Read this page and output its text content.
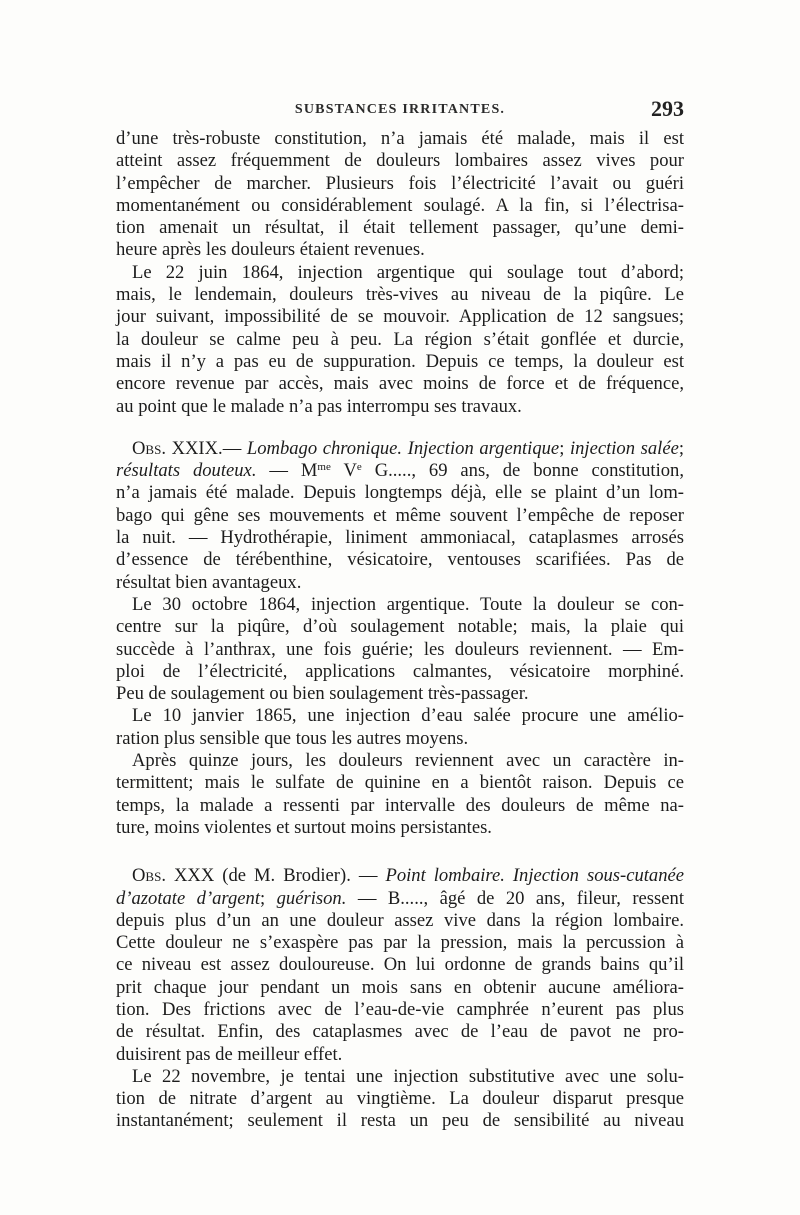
SUBSTANCES IRRITANTES.	293
d’une très-robuste constitution, n’a jamais été malade, mais il est
atteint assez fréquemment de douleurs lombaires assez vives pour
l’empêcher de marcher. Plusieurs fois l’électricité l’avait ou guéri
momentanément ou considérablement soulagé. A la fin, si l’électrisa-
tion amenait un résultat, il était tellement passager, qu’une demi-
heure après les douleurs étaient revenues.
Le 22 juin 1864, injection argentique qui soulage tout d’abord;
mais, le lendemain, douleurs très-vives au niveau de la piqûre. Le
jour suivant, impossibilité de se mouvoir. Application de 12 sangsues;
la douleur se calme peu à peu. La région s’était gonflée et durcie,
mais il n’y a pas eu de suppuration. Depuis ce temps, la douleur est
encore revenue par accès, mais avec moins de force et de fréquence,
au point que le malade n’a pas interrompu ses travaux.
Obs. XXIX.— Lombago chronique. Injection argentique; injection salée;
résultats douteux. — $M^{me}$ Ve G....., 69 ans, de bonne constitution,
n’a jamais été malade. Depuis longtemps déjà, elle se plaint d’un lom-
bago qui gêne ses mouvements et même souvent l’empêche de reposer
la nuit. — Hydrothérapie, liniment ammoniacal, cataplasmes arrosés
d’essence de térébenthine, vésicatoire, ventouses scarifiées. Pas de
résultat bien avantageux.
Le 30 octobre 1864, injection argentique. Toute la douleur se con-
centre sur la piqûre, d’où soulagement notable; mais, la plaie qui
succède à l’anthrax, une fois guérie; les douleurs reviennent. — Em-
ploi de l’électricité, applications calmantes, vésicatoire morphiné.
Peu de soulagement ou bien soulagement très-passager.
Le 10 janvier 1865, une injection d’eau salée procure une amélio-
ration plus sensible que tous les autres moyens.
Après quinze jours, les douleurs reviennent avec un caractère in-
termittent; mais le sulfate de quinine en a bientôt raison. Depuis ce
temps, la malade a ressenti par intervalle des douleurs de même na-
ture, moins violentes et surtout moins persistantes.
Obs. XXX (de M. Brodier). — Point lombaire. Injection sous-cutanée
d’azotate d’argent; guérison. — B....., âgé de 20 ans, fileur, ressent
depuis plus d’un an une douleur assez vive dans la région lombaire.
Cette douleur ne s’exaspère pas par la pression, mais la percussion à
ce niveau est assez douloureuse. On lui ordonne de grands bains qu’il
prit chaque jour pendant un mois sans en obtenir aucune améliora-
tion. Des frictions avec de l’eau-de-vie camphrée n’eurent pas plus
de résultat. Enfin, des cataplasmes avec de l’eau de pavot ne pro-
duisirent pas de meilleur effet.
Le 22 novembre, je tentai une injection substitutive avec une solu-
tion de nitrate d’argent au vingtième. La douleur disparut presque
instantanément; seulement il resta un peu de sensibilité au niveau
